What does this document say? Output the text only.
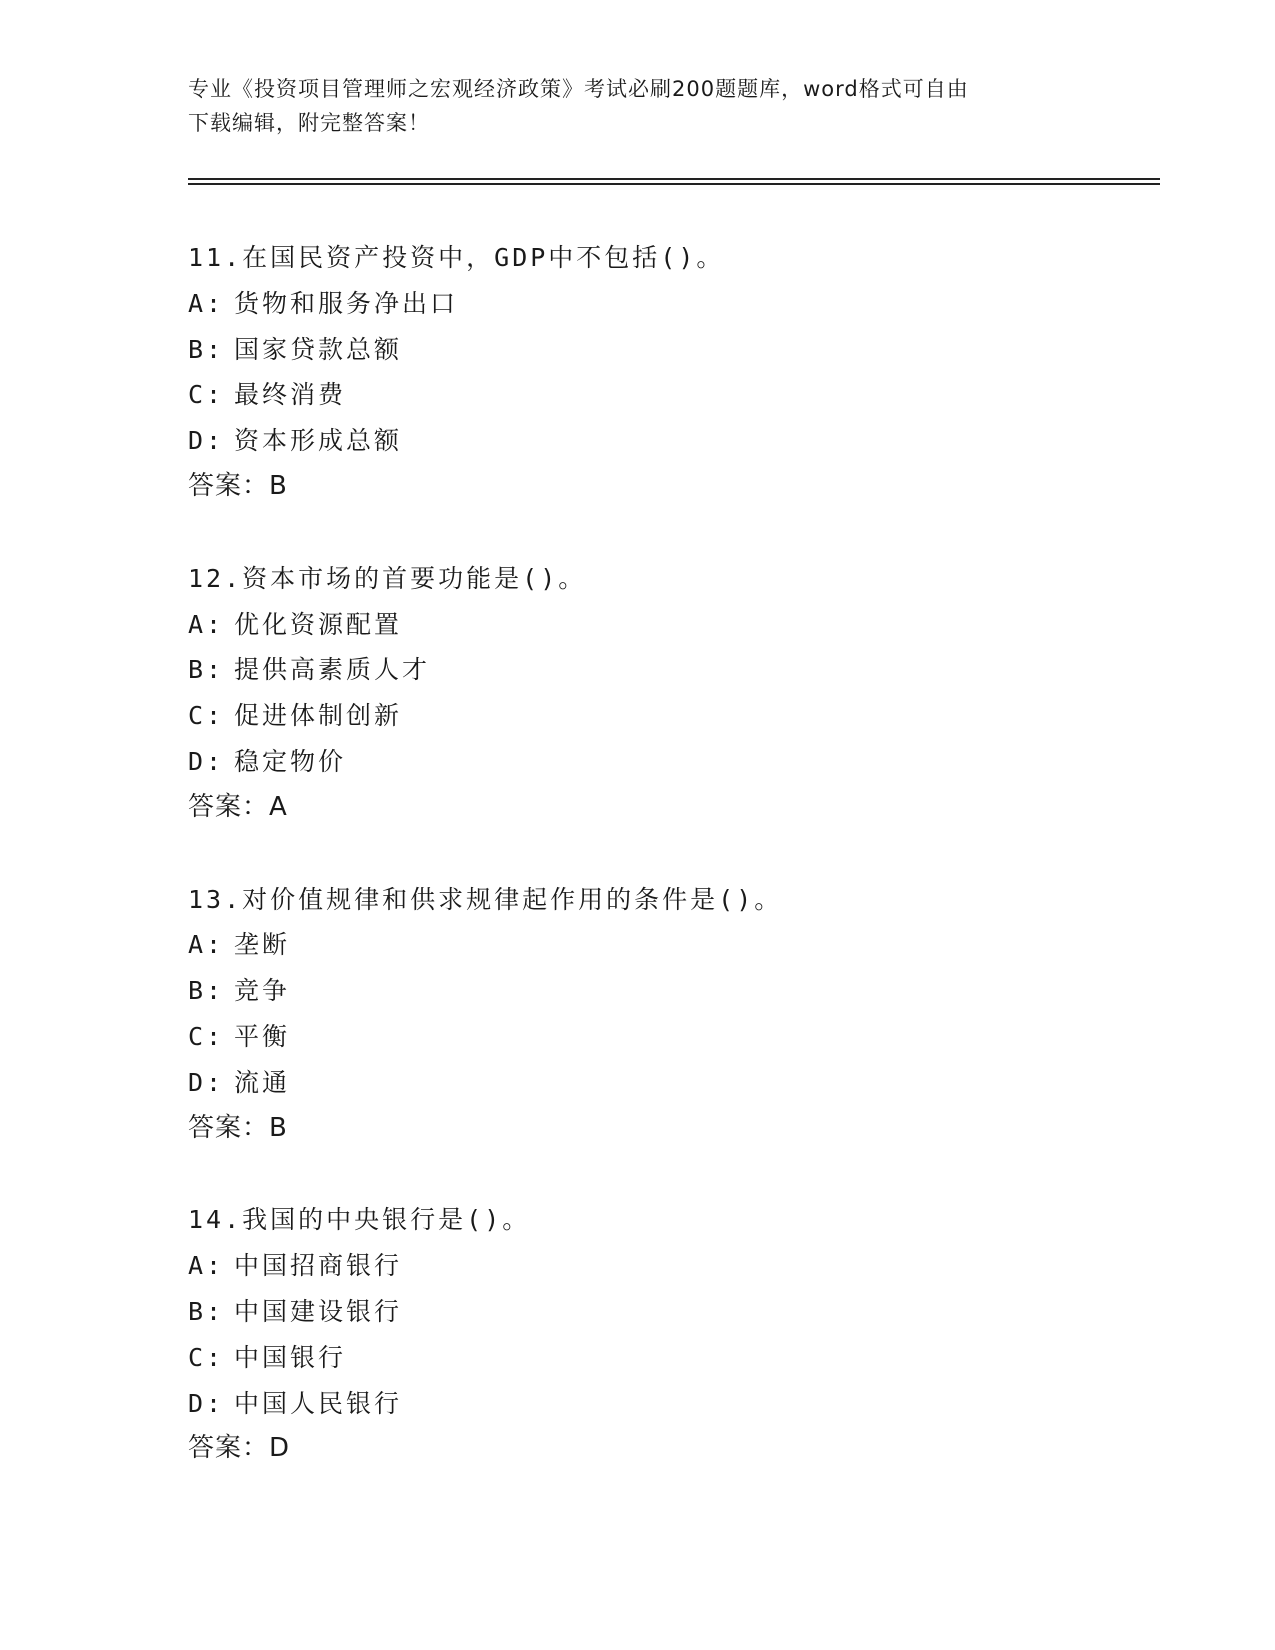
专业《投资项目管理师之宏观经济政策》考试必刷200题题库，word格式可自由
下载编辑，附完整答案！
11.在国民资产投资中，GDP中不包括()。
A: 货物和服务净出口
B: 国家贷款总额
C: 最终消费
D: 资本形成总额
答案：B
12.资本市场的首要功能是()。
A: 优化资源配置
B: 提供高素质人才
C: 促进体制创新
D: 稳定物价
答案：A
13.对价值规律和供求规律起作用的条件是()。
A: 垄断
B: 竞争
C: 平衡
D: 流通
答案：B
14.我国的中央银行是()。
A: 中国招商银行
B: 中国建设银行
C: 中国银行
D: 中国人民银行
答案：D
